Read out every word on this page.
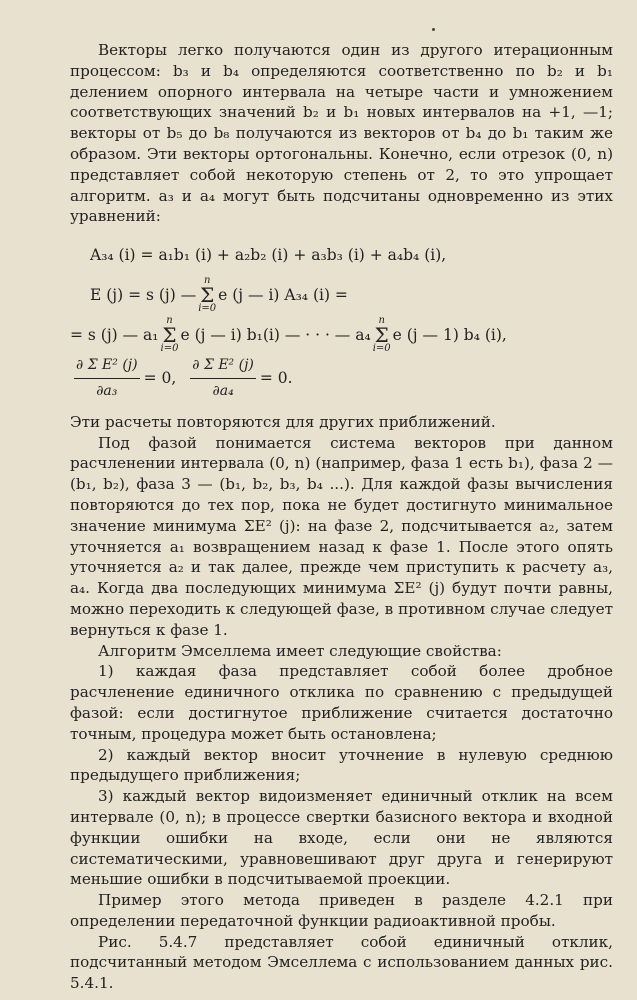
Векторы легко получаются один из другого итерационным процессом: b₃ и b₄ определяются соответственно по b₂ и b₁ делением опорного интервала на четыре части и умножением соответствующих значений b₂ и b₁ новых интервалов на +1, —1; векторы от b₅ до b₈ получаются из векторов от b₄ до b₁ таким же образом. Эти векторы ортогональны. Конечно, если отрезок (0, n) представляет собой некоторую степень от 2, то это упрощает алгоритм. a₃ и a₄ могут быть подсчитаны одновременно из этих уравнений:

A₃₄ (i) = a₁b₁ (i) + a₂b₂ (i) + a₃b₃ (i) + a₄b₄ (i),
E (j) = s (j) —
n
Σ
i=0
e (j — i) A₃₄ (i) =
= s (j) — a₁
n
Σ
i=0
e (j — i) b₁(i) — · · · — a₄
n
Σ
i=0
e (j — 1) b₄ (i),
$\frac{\text{∂ Σ E² (j)}}{\text{∂a₃}} = 0$, $\frac{\text{∂ Σ E² (j)}}{\text{∂a₄}} = 0$.

Эти расчеты повторяются для других приближений.

Под фазой понимается система векторов при данном расчленении интервала (0, n) (например, фаза 1 есть b₁), фаза 2 — (b₁, b₂), фаза 3 — (b₁, b₂, b₃, b₄ ...). Для каждой фазы вычисления повторяются до тех пор, пока не будет достигнуто минимальное значение минимума ΣE² (j): на фазе 2, подсчитывается a₂, затем уточняется a₁ возвращением назад к фазе 1. После этого опять уточняется a₂ и так далее, прежде чем приступить к расчету a₃, a₄. Когда два последующих минимума ΣE² (j) будут почти равны, можно переходить к следующей фазе, в противном случае следует вернуться к фазе 1.

Алгоритм Эмселлема имеет следующие свойства:

1) каждая фаза представляет собой более дробное расчленение единичного отклика по сравнению с предыдущей фазой: если достигнутое приближение считается достаточно точным, процедура может быть остановлена;

2) каждый вектор вносит уточнение в нулевую среднюю предыдущего приближения;

3) каждый вектор видоизменяет единичный отклик на всем интервале (0, n); в процессе свертки базисного вектора и входной функции ошибки на входе, если они не являются систематическими, уравновешивают друг друга и генерируют меньшие ошибки в подсчитываемой проекции.

Пример этого метода приведен в разделе 4.2.1 при определении передаточной функции радиоактивной пробы.

Рис. 5.4.7 представляет собой единичный отклик, подсчитанный методом Эмселлема с использованием данных рис. 5.4.1.
